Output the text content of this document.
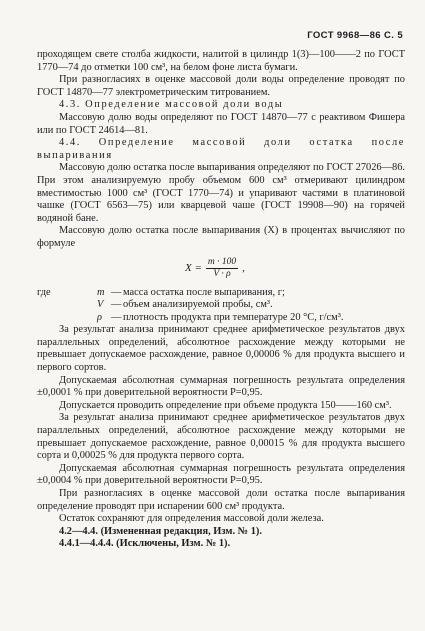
ГОСТ 9968—86 С. 5

проходящем свете столба жидкости, налитой в цилиндр 1(3)—100——2 по ГОСТ 1770—74 до отметки 100 см³, на белом фоне листа бумаги.

При разногласиях в оценке массовой доли воды определение проводят по ГОСТ 14870—77 электрометрическим титрованием.

4.3. Определение массовой доли воды

Массовую долю воды определяют по ГОСТ 14870—77 с реактивом Фишера или по ГОСТ 24614—81.

4.4. Определение массовой доли остатка после выпаривания

Массовую долю остатка после выпаривания определяют по ГОСТ 27026—86. При этом анализируемую пробу объемом 600 см³ отмеривают цилиндром вместимостью 1000 см³ (ГОСТ 1770—74) и упаривают частями в платиновой чашке (ГОСТ 6563—75) или кварцевой чаше (ГОСТ 19908—90) на горячей водяной бане.

Массовую долю остатка после выпаривания (X) в процентах вычисляют по формуле

$X = \frac{m \cdot 100}{V \cdot \rho}$ ,
где	m — масса остатка после выпаривания, г;
V — объем анализируемой пробы, см³.
ρ — плотность продукта при температуре 20 °С, г/см³.

За результат анализа принимают среднее арифметическое результатов двух параллельных определений, абсолютное расхождение между которыми не превышает допускаемое расхождение, равное 0,00006 % для продукта высшего и первого сортов.

Допускаемая абсолютная суммарная погрешность результата определения ±0,0001 % при доверительной вероятности P=0,95.

Допускается проводить определение при объеме продукта 150——160 см³.

За результат анализа принимают среднее арифметическое результатов двух параллельных определений, абсолютное расхождение между которыми не превышает допускаемое расхождение, равное 0,00015 % для продукта высшего сорта и 0,00025 % для продукта первого сорта.

Допускаемая абсолютная суммарная погрешность результата определения ±0,0004 % при доверительной вероятности P=0,95.

При разногласиях в оценке массовой доли остатка после выпаривания определение проводят при испарении 600 см³ продукта.

Остаток сохраняют для определения массовой доли железа.

4.2—4.4. (Измененная редакция, Изм. № 1).

4.4.1—4.4.4. (Исключены, Изм. № 1).
